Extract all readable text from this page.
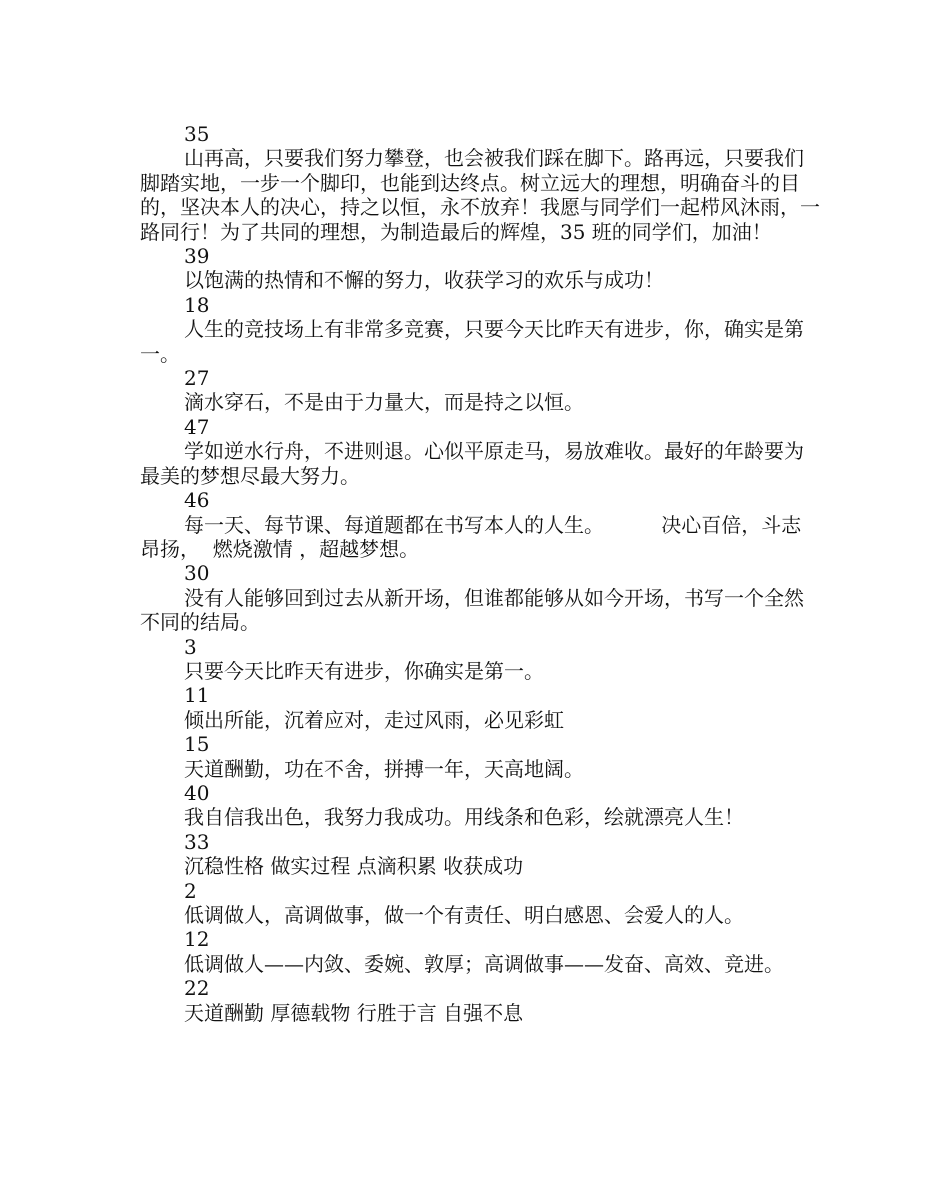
35

山再高，只要我们努力攀登，也会被我们踩在脚下。路再远，只要我们脚踏实地，一步一个脚印，也能到达终点。树立远大的理想，明确奋斗的目的，坚决本人的决心，持之以恒，永不放弃！我愿与同学们一起栉风沐雨，一路同行！为了共同的理想，为制造最后的辉煌，35 班的同学们，加油！

39

以饱满的热情和不懈的努力，收获学习的欢乐与成功！

18

人生的竞技场上有非常多竞赛，只要今天比昨天有进步，你，确实是第一。

27

滴水穿石，不是由于力量大，而是持之以恒。

47

学如逆水行舟，不进则退。心似平原走马，易放难收。最好的年龄要为最美的梦想尽最大努力。

46

每一天、每节课、每道题都在书写本人的人生。         决心百倍，斗志昂扬，  燃烧激情 ，超越梦想。

30

没有人能够回到过去从新开场，但谁都能够从如今开场，书写一个全然不同的结局。

3

只要今天比昨天有进步，你确实是第一。

11

倾出所能，沉着应对，走过风雨，必见彩虹

15

天道酬勤，功在不舍，拼搏一年，天高地阔。

40

我自信我出色，我努力我成功。用线条和色彩，绘就漂亮人生！

33

沉稳性格 做实过程 点滴积累 收获成功

2

低调做人，高调做事，做一个有责任、明白感恩、会爱人的人。

12

低调做人——内敛、委婉、敦厚；高调做事——发奋、高效、竞进。

22

天道酬勤 厚德载物 行胜于言 自强不息
